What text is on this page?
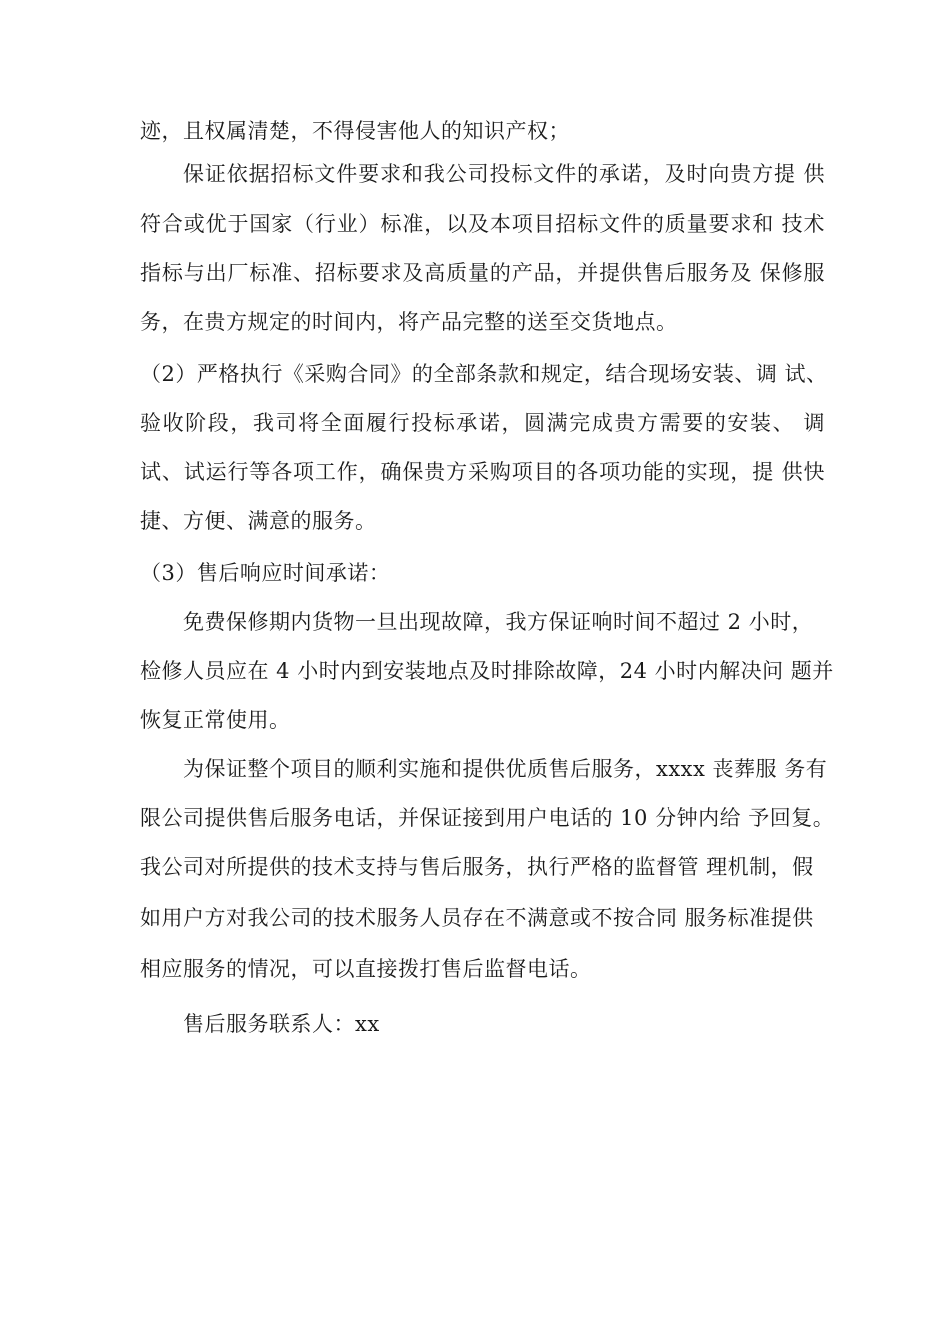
迹，且权属清楚，不得侵害他人的知识产权；
保证依据招标文件要求和我公司投标文件的承诺，及时向贵方提 供
符合或优于国家（行业）标准，以及本项目招标文件的质量要求和 技术
指标与出厂标准、招标要求及高质量的产品，并提供售后服务及 保修服
务，在贵方规定的时间内，将产品完整的送至交货地点。
（2）严格执行《采购合同》的全部条款和规定，结合现场安装、调 试、
验收阶段，我司将全面履行投标承诺，圆满完成贵方需要的安装、 调
试、试运行等各项工作，确保贵方采购项目的各项功能的实现，提 供快
捷、方便、满意的服务。
（3）售后响应时间承诺：
免费保修期内货物一旦出现故障，我方保证响时间不超过 2 小时，
检修人员应在 4 小时内到安装地点及时排除故障，24 小时内解决问 题并
恢复正常使用。
为保证整个项目的顺利实施和提供优质售后服务，xxxx 丧葬服 务有
限公司提供售后服务电话，并保证接到用户电话的 10 分钟内给 予回复。
我公司对所提供的技术支持与售后服务，执行严格的监督管 理机制，假
如用户方对我公司的技术服务人员存在不满意或不按合同 服务标准提供
相应服务的情况，可以直接拨打售后监督电话。
售后服务联系人：xx
